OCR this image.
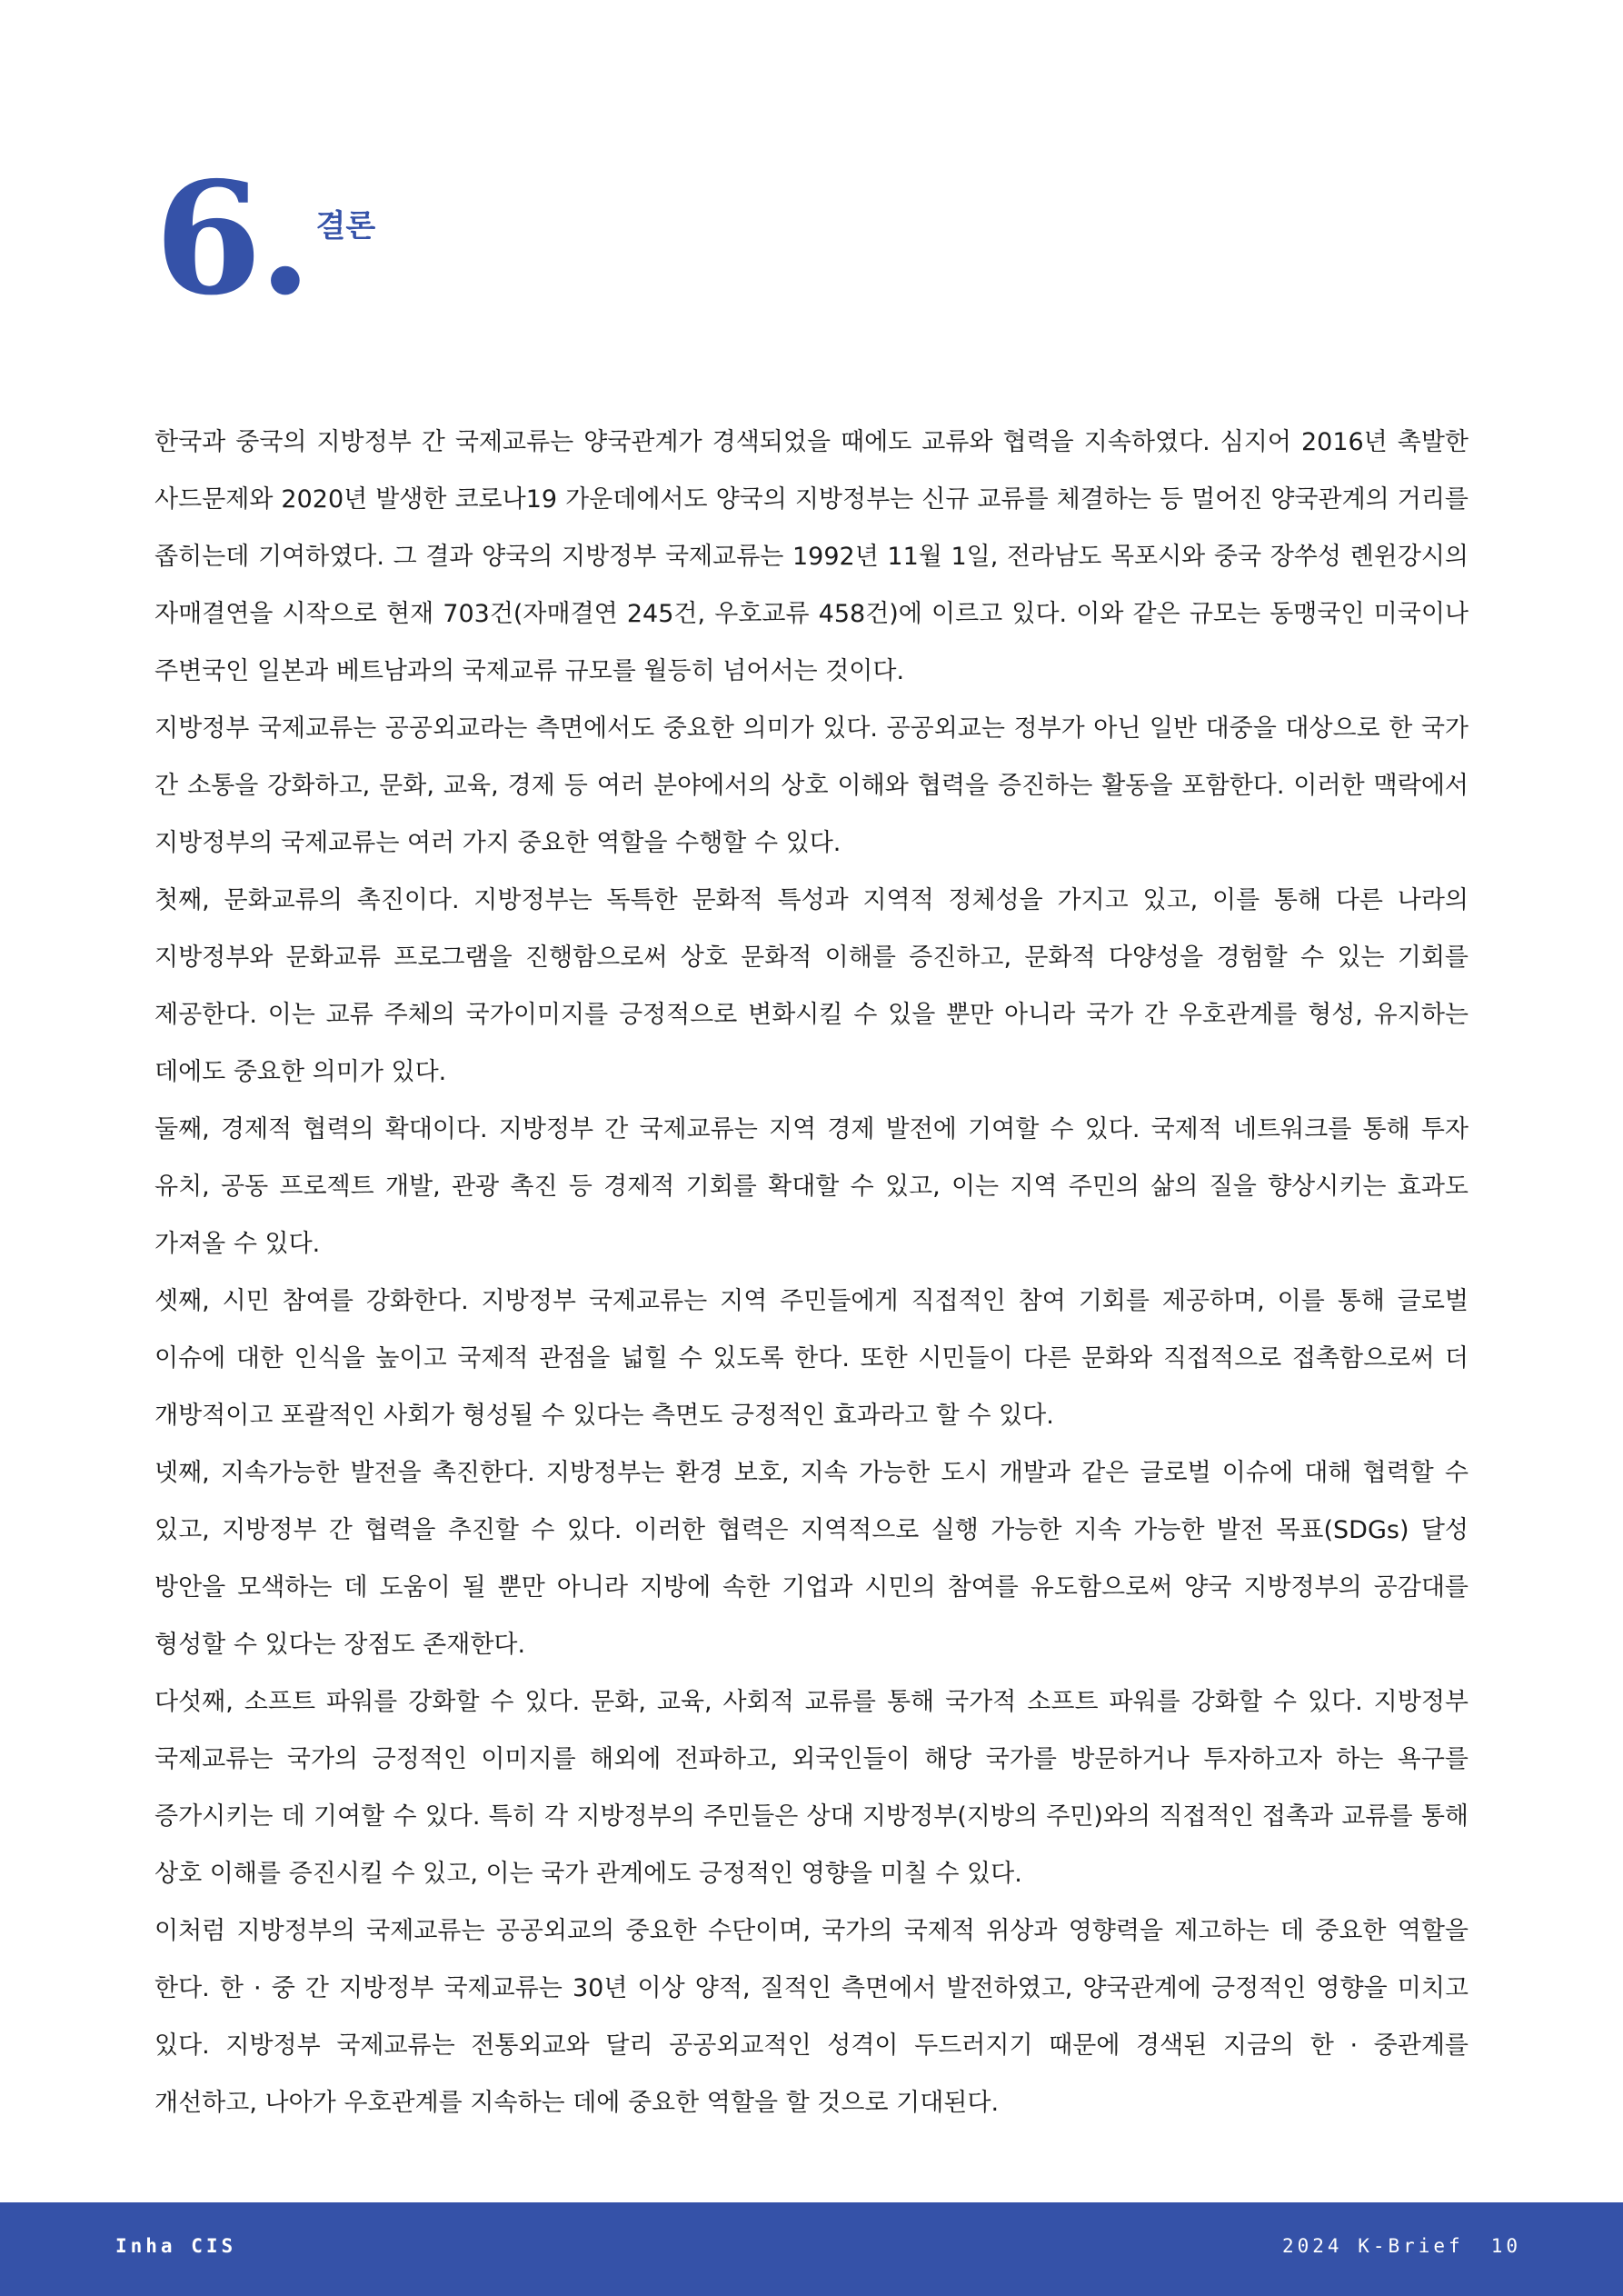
6. 결론

한국과 중국의 지방정부 간 국제교류는 양국관계가 경색되었을 때에도 교류와 협력을 지속하였다. 심지어 2016년 촉발한 사드문제와 2020년 발생한 코로나19 가운데에서도 양국의 지방정부는 신규 교류를 체결하는 등 멀어진 양국관계의 거리를 좁히는데 기여하였다. 그 결과 양국의 지방정부 국제교류는 1992년 11월 1일, 전라남도 목포시와 중국 장쑤성 롄윈강시의 자매결연을 시작으로 현재 703건(자매결연 245건, 우호교류 458건)에 이르고 있다. 이와 같은 규모는 동맹국인 미국이나 주변국인 일본과 베트남과의 국제교류 규모를 월등히 넘어서는 것이다.

지방정부 국제교류는 공공외교라는 측면에서도 중요한 의미가 있다. 공공외교는 정부가 아닌 일반 대중을 대상으로 한 국가 간 소통을 강화하고, 문화, 교육, 경제 등 여러 분야에서의 상호 이해와 협력을 증진하는 활동을 포함한다. 이러한 맥락에서 지방정부의 국제교류는 여러 가지 중요한 역할을 수행할 수 있다.

첫째, 문화교류의 촉진이다. 지방정부는 독특한 문화적 특성과 지역적 정체성을 가지고 있고, 이를 통해 다른 나라의 지방정부와 문화교류 프로그램을 진행함으로써 상호 문화적 이해를 증진하고, 문화적 다양성을 경험할 수 있는 기회를 제공한다. 이는 교류 주체의 국가이미지를 긍정적으로 변화시킬 수 있을 뿐만 아니라 국가 간 우호관계를 형성, 유지하는 데에도 중요한 의미가 있다.

둘째, 경제적 협력의 확대이다. 지방정부 간 국제교류는 지역 경제 발전에 기여할 수 있다. 국제적 네트워크를 통해 투자 유치, 공동 프로젝트 개발, 관광 촉진 등 경제적 기회를 확대할 수 있고, 이는 지역 주민의 삶의 질을 향상시키는 효과도 가져올 수 있다.

셋째, 시민 참여를 강화한다. 지방정부 국제교류는 지역 주민들에게 직접적인 참여 기회를 제공하며, 이를 통해 글로벌 이슈에 대한 인식을 높이고 국제적 관점을 넓힐 수 있도록 한다. 또한 시민들이 다른 문화와 직접적으로 접촉함으로써 더 개방적이고 포괄적인 사회가 형성될 수 있다는 측면도 긍정적인 효과라고 할 수 있다.

넷째, 지속가능한 발전을 촉진한다. 지방정부는 환경 보호, 지속 가능한 도시 개발과 같은 글로벌 이슈에 대해 협력할 수 있고, 지방정부 간 협력을 추진할 수 있다. 이러한 협력은 지역적으로 실행 가능한 지속 가능한 발전 목표(SDGs) 달성 방안을 모색하는 데 도움이 될 뿐만 아니라 지방에 속한 기업과 시민의 참여를 유도함으로써 양국 지방정부의 공감대를 형성할 수 있다는 장점도 존재한다.

다섯째, 소프트 파워를 강화할 수 있다. 문화, 교육, 사회적 교류를 통해 국가적 소프트 파워를 강화할 수 있다. 지방정부 국제교류는 국가의 긍정적인 이미지를 해외에 전파하고, 외국인들이 해당 국가를 방문하거나 투자하고자 하는 욕구를 증가시키는 데 기여할 수 있다. 특히 각 지방정부의 주민들은 상대 지방정부(지방의 주민)와의 직접적인 접촉과 교류를 통해 상호 이해를 증진시킬 수 있고, 이는 국가 관계에도 긍정적인 영향을 미칠 수 있다.

이처럼 지방정부의 국제교류는 공공외교의 중요한 수단이며, 국가의 국제적 위상과 영향력을 제고하는 데 중요한 역할을 한다. 한 · 중 간 지방정부 국제교류는 30년 이상 양적, 질적인 측면에서 발전하였고, 양국관계에 긍정적인 영향을 미치고 있다. 지방정부 국제교류는 전통외교와 달리 공공외교적인 성격이 두드러지기 때문에 경색된 지금의 한 · 중관계를 개선하고, 나아가 우호관계를 지속하는 데에 중요한 역할을 할 것으로 기대된다.

Inha CIS	2024 K-Brief 10
